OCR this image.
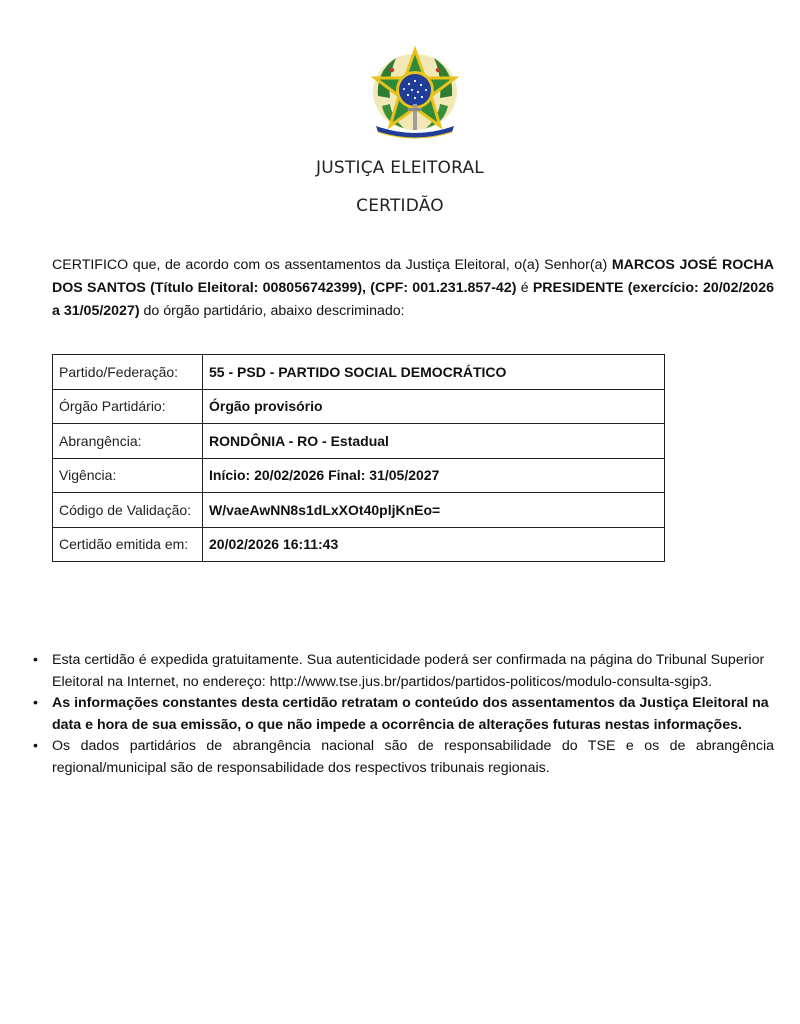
JUSTIÇA ELEITORAL
CERTIDÃO
CERTIFICO que, de acordo com os assentamentos da Justiça Eleitoral, o(a) Senhor(a) MARCOS JOSÉ ROCHA DOS SANTOS (Título Eleitoral: 008056742399), (CPF: 001.231.857-42) é PRESIDENTE (exercício: 20/02/2026 a 31/05/2027) do órgão partidário, abaixo descriminado:
Partido/Federação:	55 - PSD - PARTIDO SOCIAL DEMOCRÁTICO
Órgão Partidário:	Órgão provisório
Abrangência:	RONDÔNIA - RO - Estadual
Vigência:	Início: 20/02/2026 Final: 31/05/2027
Código de Validação:	W/vaeAwNN8s1dLxXOt40pljKnEo=
Certidão emitida em:	20/02/2026 16:11:43
• Esta certidão é expedida gratuitamente. Sua autenticidade poderá ser confirmada na página do Tribunal Superior Eleitoral na Internet, no endereço: http://www.tse.jus.br/partidos/partidos-politicos/modulo-consulta-sgip3.
• As informações constantes desta certidão retratam o conteúdo dos assentamentos da Justiça Eleitoral na data e hora de sua emissão, o que não impede a ocorrência de alterações futuras nestas informações.
• Os dados partidários de abrangência nacional são de responsabilidade do TSE e os de abrangência regional/municipal são de responsabilidade dos respectivos tribunais regionais.
